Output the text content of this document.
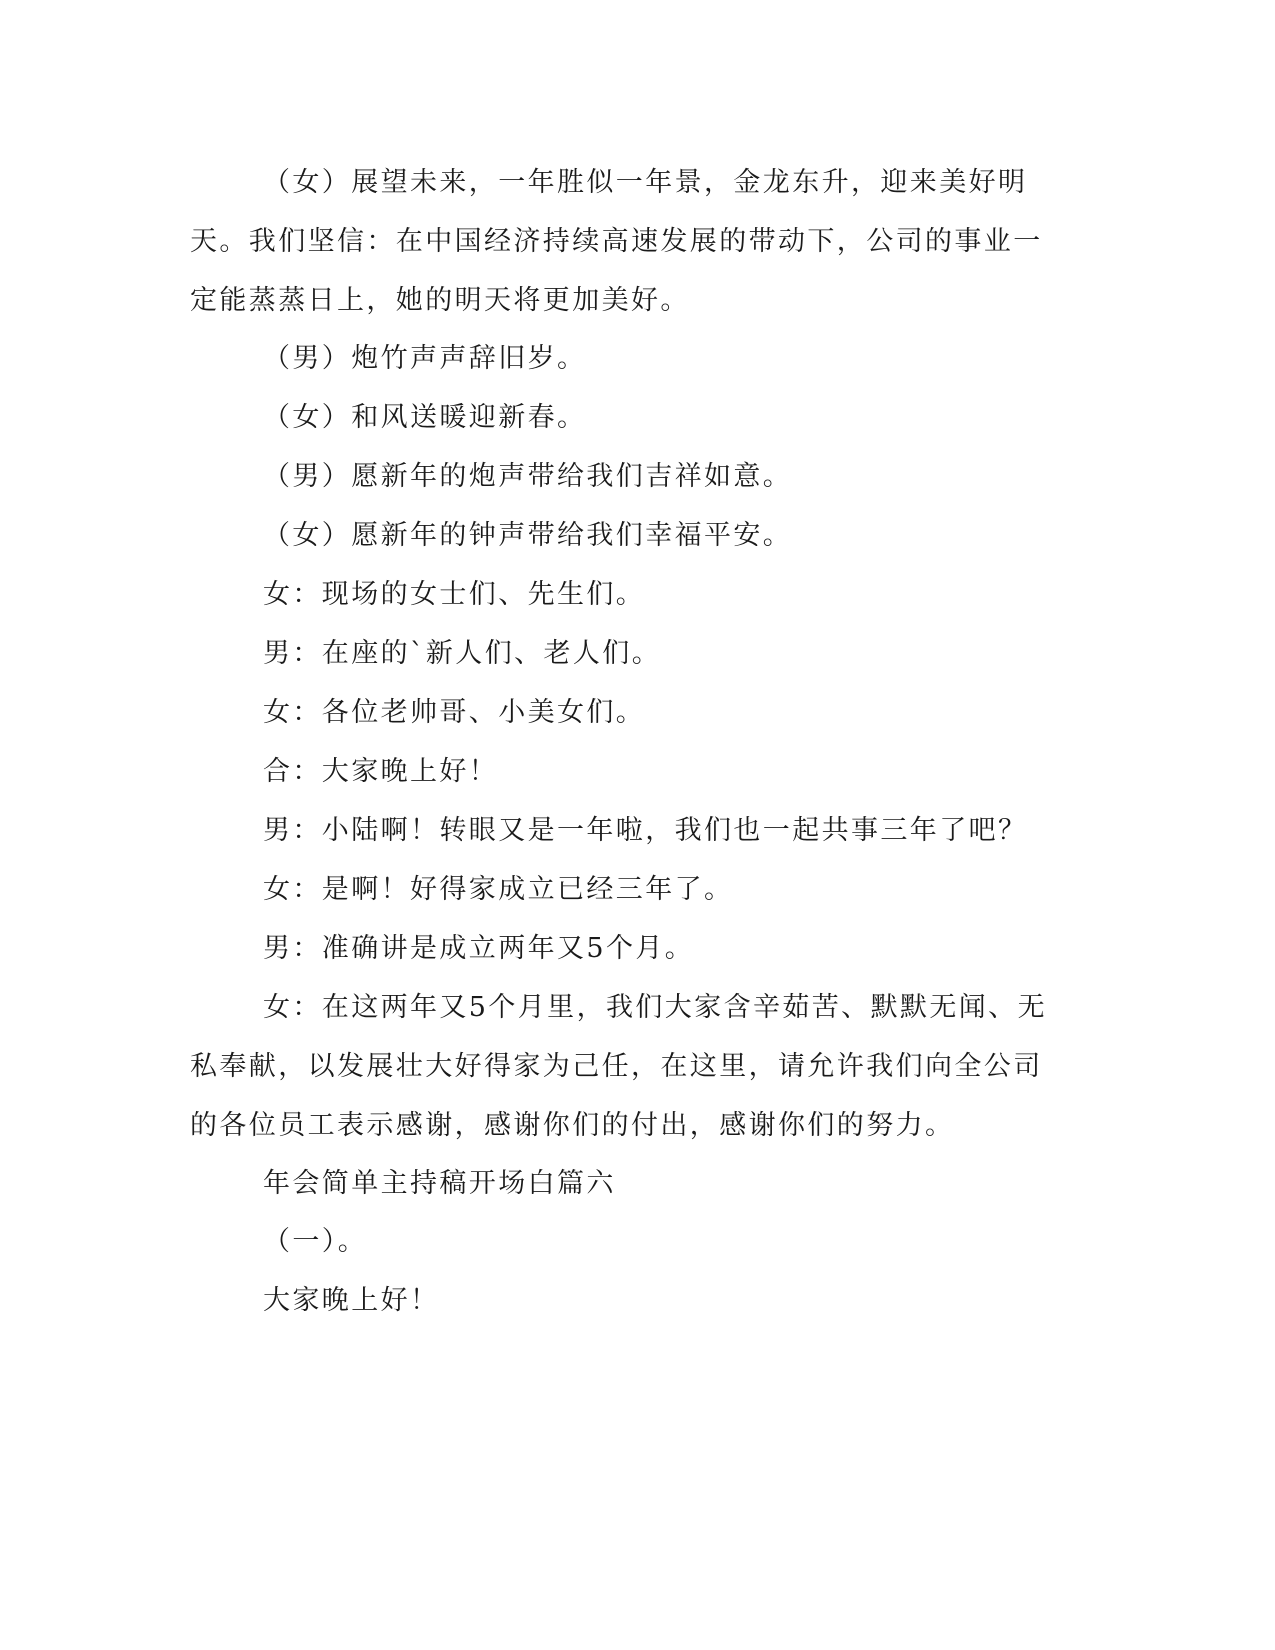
（女）展望未来，一年胜似一年景，金龙东升，迎来美好明天。我们坚信：在中国经济持续高速发展的带动下，公司的事业一定能蒸蒸日上，她的明天将更加美好。

（男）炮竹声声辞旧岁。

（女）和风送暖迎新春。

（男）愿新年的炮声带给我们吉祥如意。

（女）愿新年的钟声带给我们幸福平安。

女：现场的女士们、先生们。

男：在座的`新人们、老人们。

女：各位老帅哥、小美女们。

合：大家晚上好！

男：小陆啊！转眼又是一年啦，我们也一起共事三年了吧？

女：是啊！好得家成立已经三年了。

男：准确讲是成立两年又5个月。

女：在这两年又5个月里，我们大家含辛茹苦、默默无闻、无私奉献，以发展壮大好得家为己任，在这里，请允许我们向全公司的各位员工表示感谢，感谢你们的付出，感谢你们的努力。

年会简单主持稿开场白篇六

（一）。

大家晚上好！
